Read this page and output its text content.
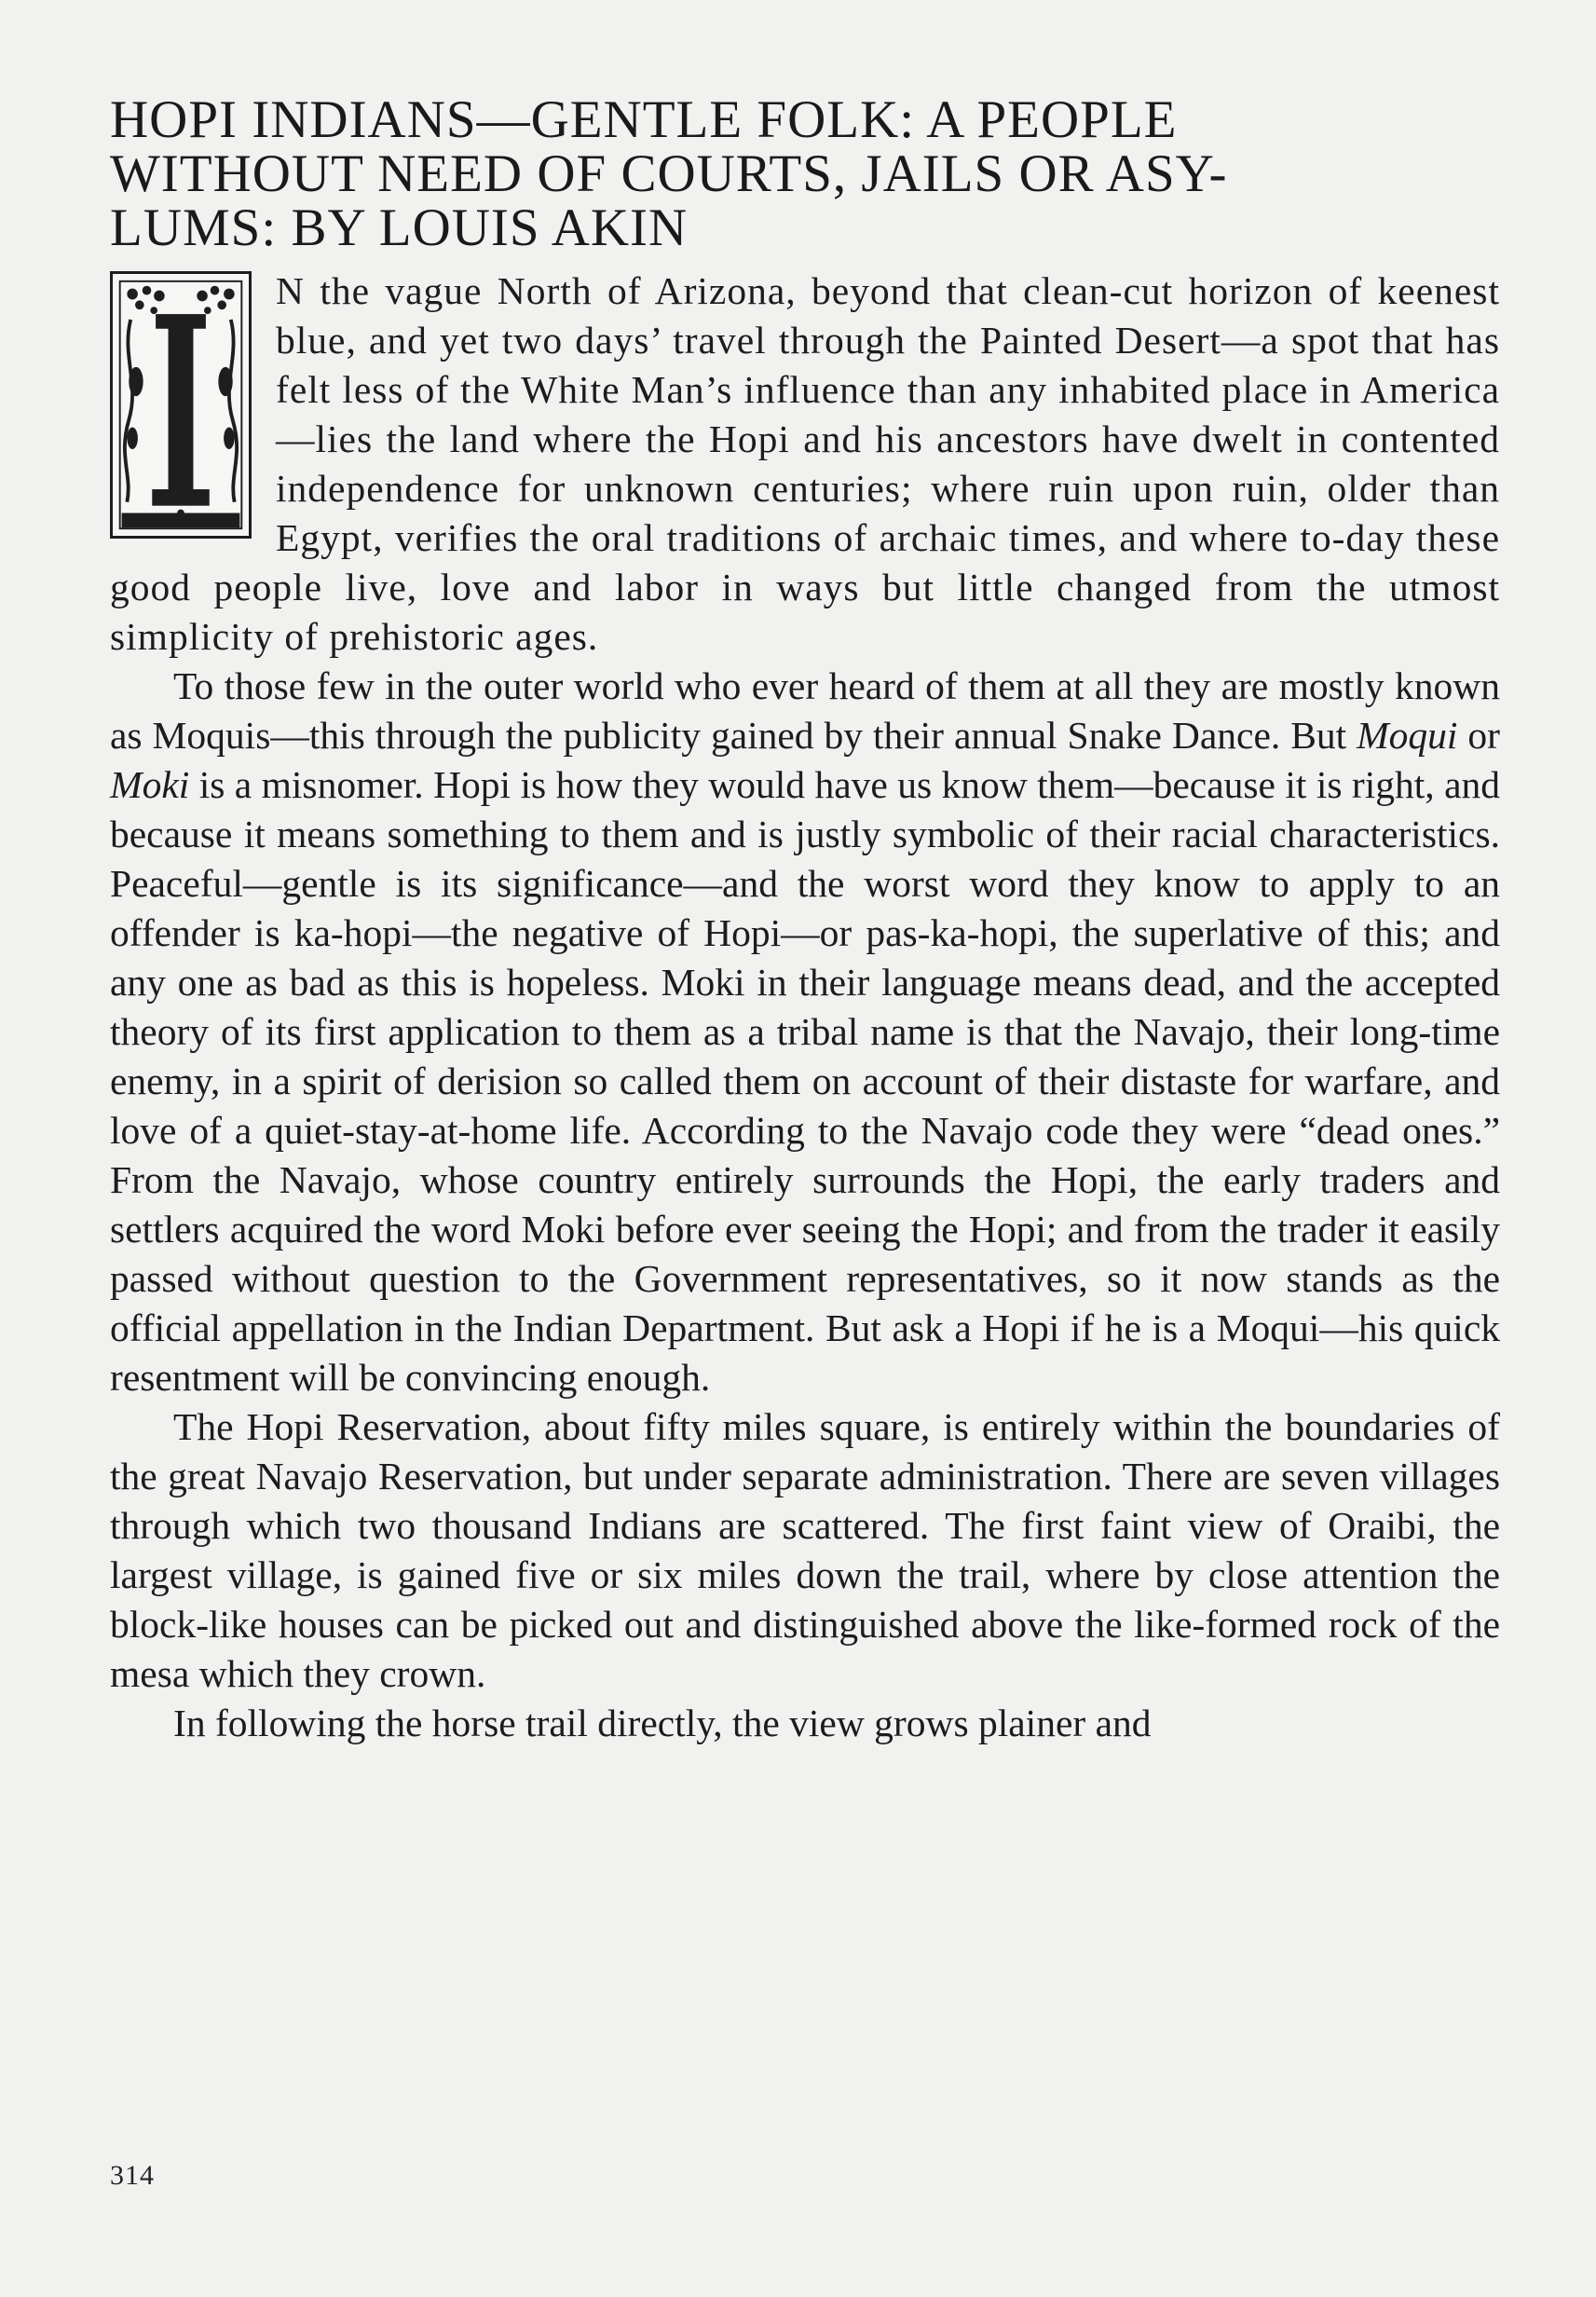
HOPI INDIANS—GENTLE FOLK: A PEOPLE
WITHOUT NEED OF COURTS, JAILS OR ASY-
LUMS: BY LOUIS AKIN

N the vague North of Arizona, beyond that clean-cut horizon of keenest blue, and yet two days’ travel through the Painted Desert—a spot that has felt less of the White Man’s influence than any inhabited place in America—lies the land where the Hopi and his ancestors have dwelt in contented independence for unknown centuries; where ruin upon ruin, older than Egypt, verifies the oral traditions of archaic times, and where to-day these good people live, love and labor in ways but little changed from the utmost simplicity of prehistoric ages.

To those few in the outer world who ever heard of them at all they are mostly known as Moquis—this through the publicity gained by their annual Snake Dance. But Moqui or Moki is a misnomer. Hopi is how they would have us know them—because it is right, and because it means something to them and is justly symbolic of their racial characteristics. Peaceful—gentle is its significance—and the worst word they know to apply to an offender is ka-hopi—the negative of Hopi—or pas-ka-hopi, the superlative of this; and any one as bad as this is hopeless. Moki in their language means dead, and the accepted theory of its first application to them as a tribal name is that the Navajo, their long-time enemy, in a spirit of derision so called them on account of their distaste for warfare, and love of a quiet-stay-at-home life. According to the Navajo code they were “dead ones.” From the Navajo, whose country entirely surrounds the Hopi, the early traders and settlers acquired the word Moki before ever seeing the Hopi; and from the trader it easily passed without question to the Government representatives, so it now stands as the official appellation in the Indian Department. But ask a Hopi if he is a Moqui—his quick resentment will be convincing enough.

The Hopi Reservation, about fifty miles square, is entirely within the boundaries of the great Navajo Reservation, but under separate administration. There are seven villages through which two thousand Indians are scattered. The first faint view of Oraibi, the largest village, is gained five or six miles down the trail, where by close attention the block-like houses can be picked out and distinguished above the like-formed rock of the mesa which they crown.

In following the horse trail directly, the view grows plainer and

314
